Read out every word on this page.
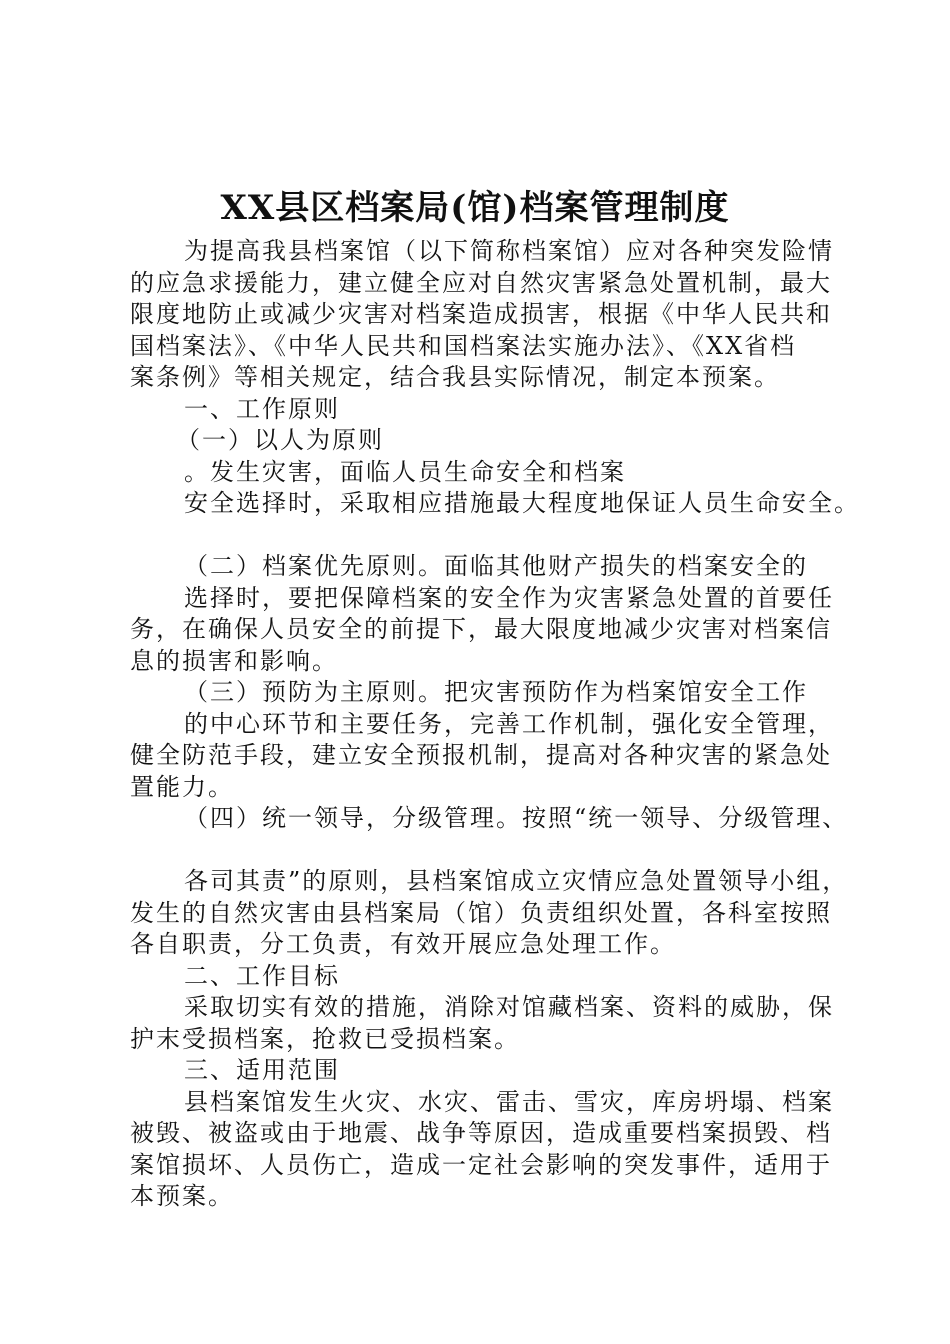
XX县区档案局(馆)档案管理制度
为提高我县档案馆（以下简称档案馆）应对各种突发险情
的应急求援能力，建立健全应对自然灾害紧急处置机制，最大
限度地防止或减少灾害对档案造成损害，根据《中华人民共和
国档案法》、《中华人民共和国档案法实施办法》、《XX省档
案条例》等相关规定，结合我县实际情况，制定本预案。
一、工作原则
（一）以人为原则
。发生灾害，面临人员生命安全和档案
安全选择时，采取相应措施最大程度地保证人员生命安全。
（二）档案优先原则。面临其他财产损失的档案安全的
选择时，要把保障档案的安全作为灾害紧急处置的首要任
务，在确保人员安全的前提下，最大限度地减少灾害对档案信
息的损害和影响。
（三）预防为主原则。把灾害预防作为档案馆安全工作
的中心环节和主要任务，完善工作机制，强化安全管理，
健全防范手段，建立安全预报机制，提高对各种灾害的紧急处
置能力。
（四）统一领导，分级管理。按照“统一领导、分级管理、
各司其责”的原则，县档案馆成立灾情应急处置领导小组，
发生的自然灾害由县档案局（馆）负责组织处置，各科室按照
各自职责，分工负责，有效开展应急处理工作。
二、工作目标
采取切实有效的措施，消除对馆藏档案、资料的威胁，保
护末受损档案，抢救已受损档案。
三、适用范围
县档案馆发生火灾、水灾、雷击、雪灾，库房坍塌、档案
被毁、被盗或由于地震、战争等原因，造成重要档案损毁、档
案馆损坏、人员伤亡，造成一定社会影响的突发事件，适用于
本预案。
